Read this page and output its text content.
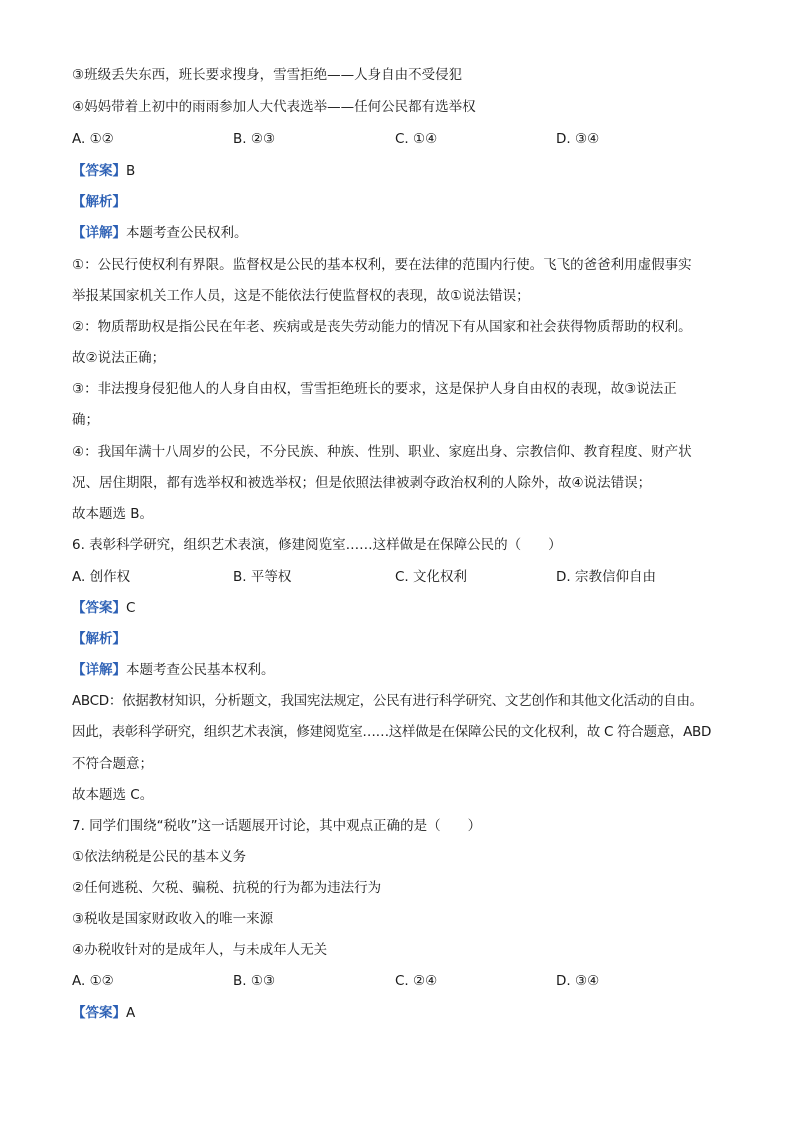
③班级丢失东西，班长要求搜身，雪雪拒绝——人身自由不受侵犯
④妈妈带着上初中的雨雨参加人大代表选举——任何公民都有选举权
A. ①②	B. ②③	C. ①④	D. ③④
【答案】B
【解析】
【详解】本题考查公民权利。
①：公民行使权利有界限。监督权是公民的基本权利，要在法律的范围内行使。飞飞的爸爸利用虚假事实
举报某国家机关工作人员，这是不能依法行使监督权的表现，故①说法错误；
②：物质帮助权是指公民在年老、疾病或是丧失劳动能力的情况下有从国家和社会获得物质帮助的权利。
故②说法正确；
③：非法搜身侵犯他人的人身自由权，雪雪拒绝班长的要求，这是保护人身自由权的表现，故③说法正
确；
④：我国年满十八周岁的公民，不分民族、种族、性别、职业、家庭出身、宗教信仰、教育程度、财产状
况、居住期限，都有选举权和被选举权；但是依照法律被剥夺政治权利的人除外，故④说法错误；
故本题选 B。
6. 表彰科学研究，组织艺术表演，修建阅览室……这样做是在保障公民的（　　）
A. 创作权	B. 平等权	C. 文化权利	D. 宗教信仰自由
【答案】C
【解析】
【详解】本题考查公民基本权利。
ABCD：依据教材知识，分析题文，我国宪法规定，公民有进行科学研究、文艺创作和其他文化活动的自由。
因此，表彰科学研究，组织艺术表演，修建阅览室……这样做是在保障公民的文化权利，故 C 符合题意，ABD
不符合题意；
故本题选 C。
7. 同学们围绕“税收”这一话题展开讨论，其中观点正确的是（　　）
①依法纳税是公民的基本义务
②任何逃税、欠税、骗税、抗税的行为都为违法行为
③税收是国家财政收入的唯一来源
④办税收针对的是成年人，与未成年人无关
A. ①②	B. ①③	C. ②④	D. ③④
【答案】A
